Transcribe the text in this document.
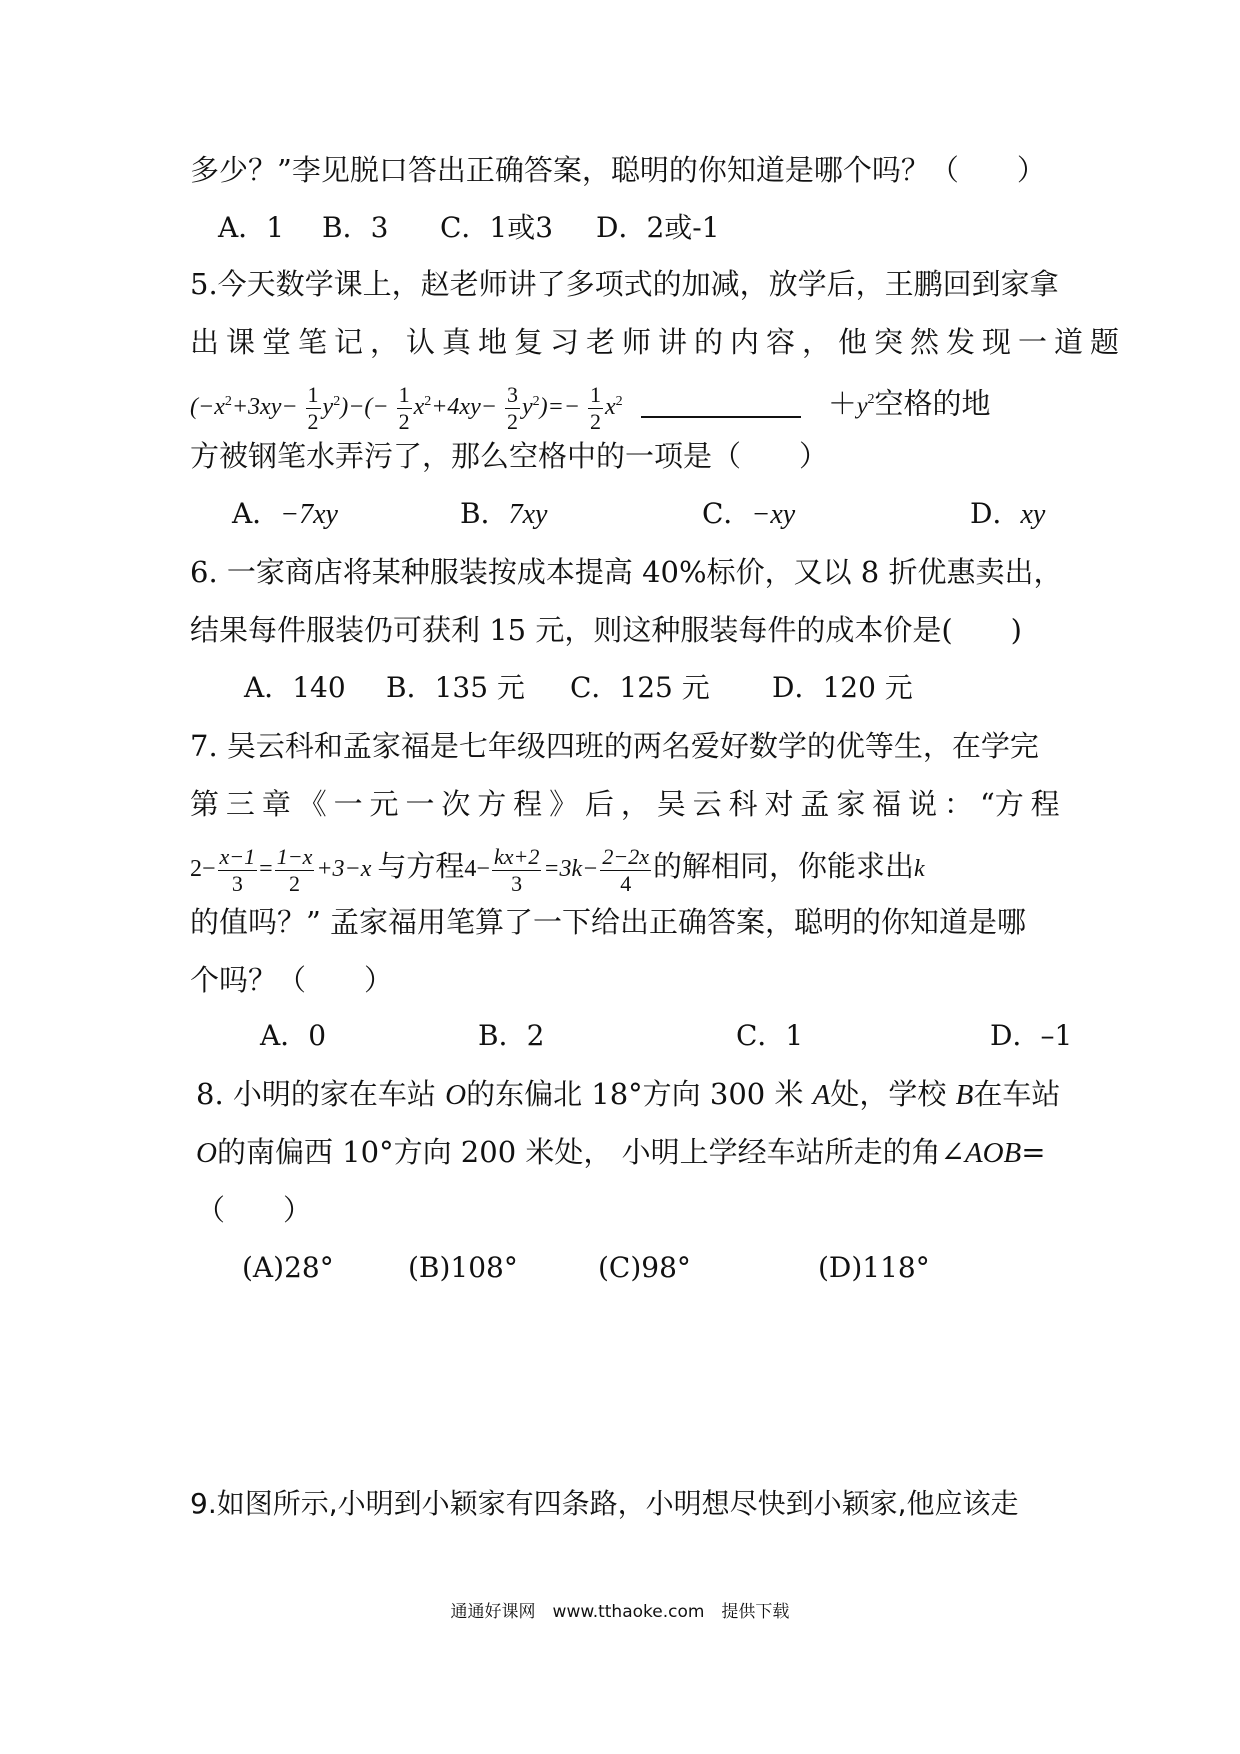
多少？”李见脱口答出正确答案，聪明的你知道是哪个吗？（　　）
A．1 B．3 C．1或3 D．2或-1
5.今天数学课上，赵老师讲了多项式的加减，放学后，王鹏回到家拿
出课堂笔记，认真地复习老师讲的内容，他突然发现一道题
$(-x^2+3xy- \frac{1}{2} y^2)-(- \frac{1}{2} x^2+4xy- \frac{3}{2} y^2)=- \frac{1}{2} x^2$	$+y^2$空格的地
方被钢笔水弄污了，那么空格中的一项是（　　）
A．−7xy	B．7xy	C．−xy	D．xy
6. 一家商店将某种服装按成本提高 40%标价，又以 8 折优惠卖出，
结果每件服装仍可获利 15 元，则这种服装每件的成本价是(　　)
A．140 B．135 元 C．125 元 D．120 元
7. 吴云科和孟家福是七年级四班的两名爱好数学的优等生，在学完
第 三 章 《 一 元 一 次 方 程 》 后 ， 吴 云 科 对 孟 家 福 说 ： “方 程
$2- \frac{x-1}{3} = \frac{1-x}{2} +3-x$ 与方程$4- \frac{kx+2}{3} =3k- \frac{2-2x}{4}$ 的解相同，你能求出k
的值吗？” 孟家福用笔算了一下给出正确答案，聪明的你知道是哪
个吗？（　　）
A．0	B．2	C．1	D．–1
8. 小明的家在车站 O的东偏北 18°方向 300 米 A处，学校 B在车站
O的南偏西 10°方向 200 米处， 小明上学经车站所走的角∠AOB=
（　　）
(A)28°	(B)108°	(C)98°	(D)118°
9.如图所示,小明到小颖家有四条路，小明想尽快到小颖家,他应该走
通通好课网　www.tthaoke.com　提供下载
